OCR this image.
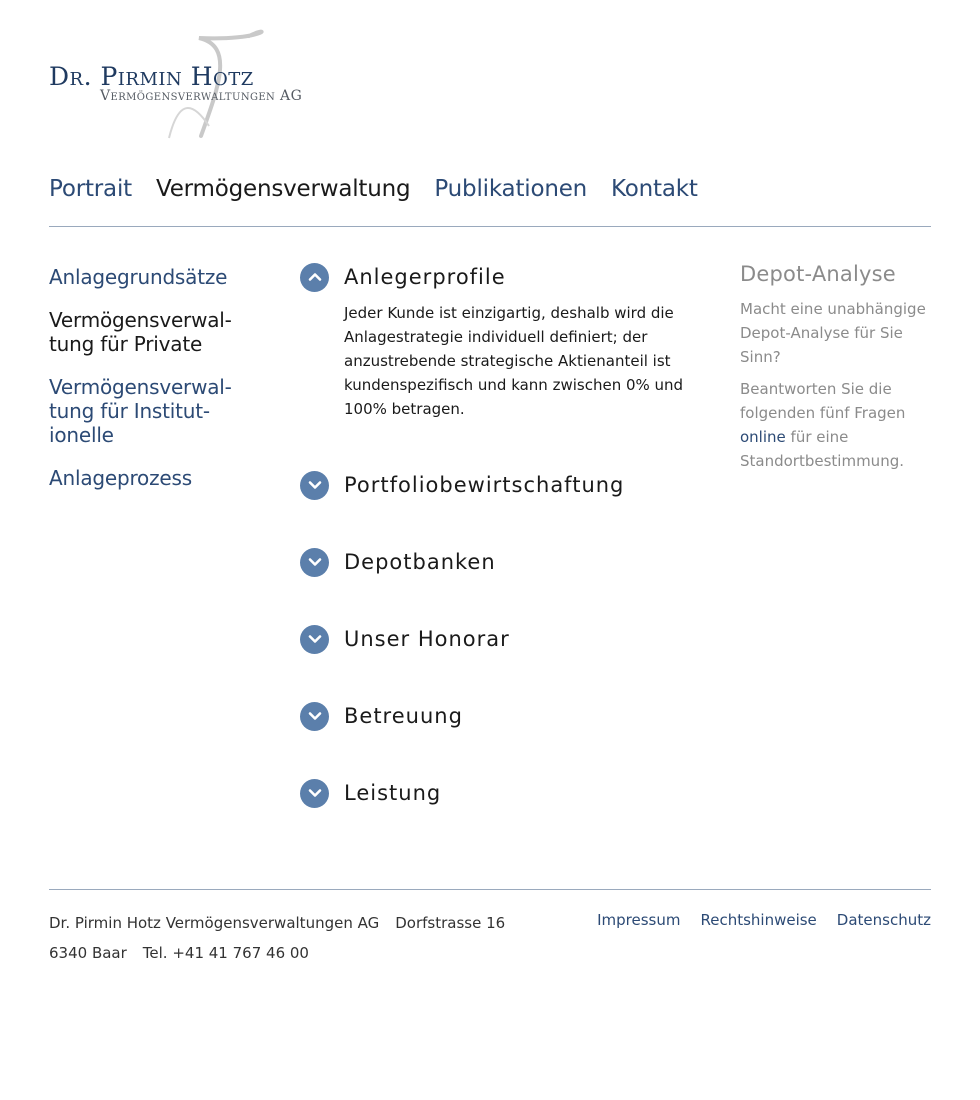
Dr. Pirmin Hotz

Vermögensverwaltungen AG

Portrait Vermögensverwaltung Publikationen Kontakt
Anlagegrundsätze
Vermögensverwal-
tung für Private
Vermögensverwal-
tung für Institut-
ionelle
Anlageprozess
Anlegerprofile
Jeder Kunde ist einzigartig, deshalb wird die Anlagestrategie individuell definiert; der anzustrebende strategische Aktienanteil ist kundenspezifisch und kann zwischen 0% und 100% betragen.
Portfoliobewirtschaftung
Depotbanken
Unser Honorar
Betreuung
Leistung
Depot-Analyse

Macht eine unabhängige Depot-Analyse für Sie Sinn?

Beantworten Sie die folgenden fünf Fragen online für eine Standortbestimmung.

Dr. Pirmin Hotz Vermögensverwaltungen AG Dorfstrasse 16
6340 Baar Tel. +41 41 767 46 00
Impressum Rechtshinweise Datenschutz
